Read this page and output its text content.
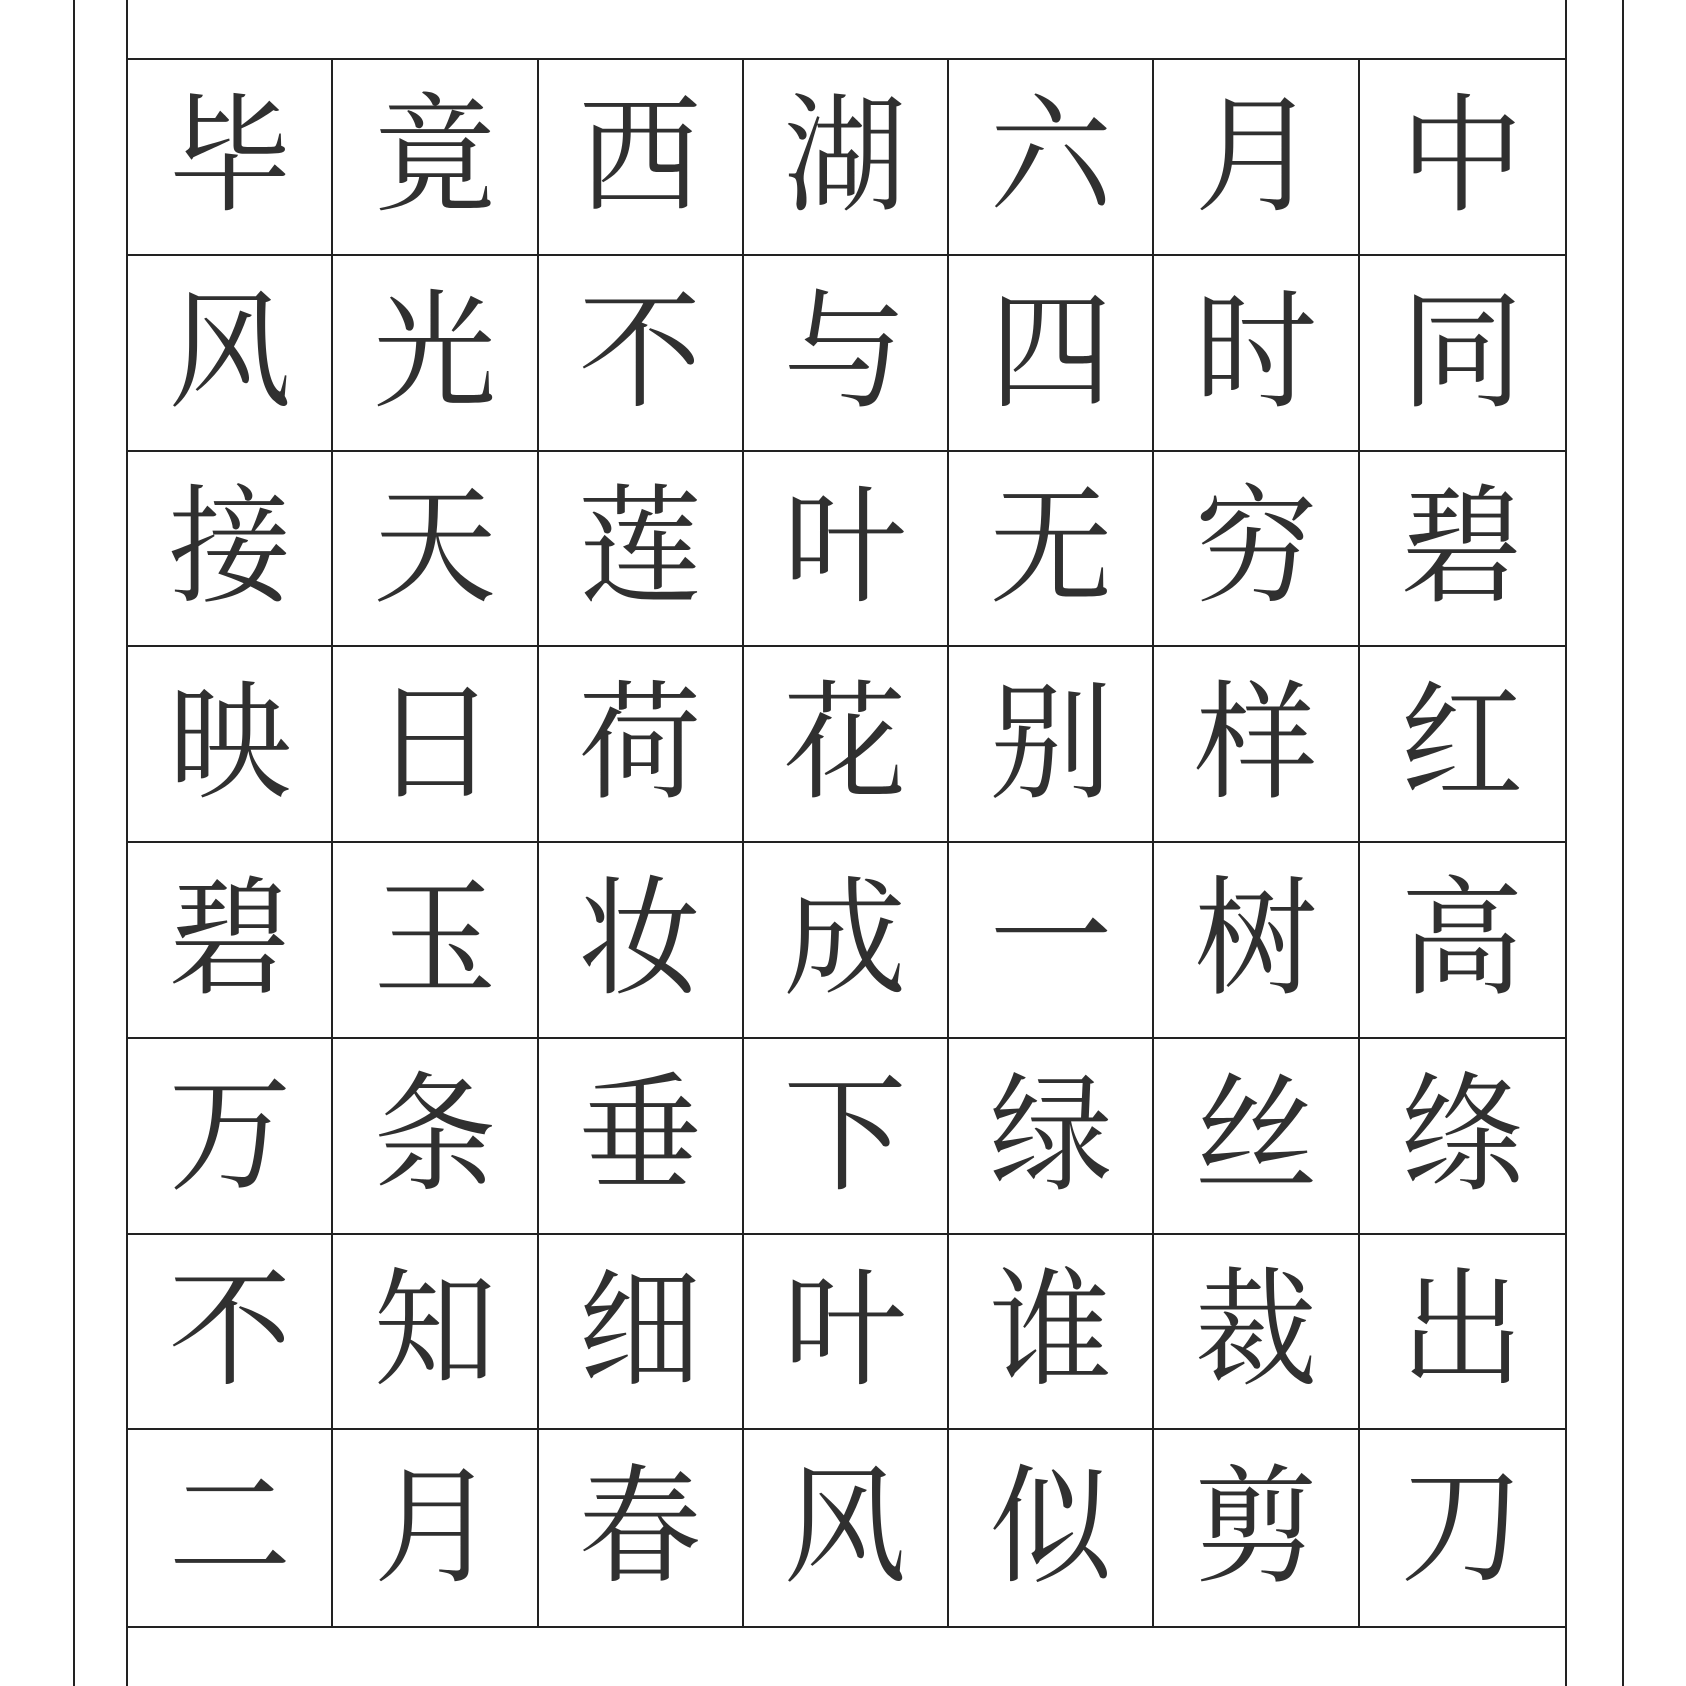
毕 竟 西 湖 六 月 中
风 光 不 与 四 时 同
接 天 莲 叶 无 穷 碧
映 日 荷 花 别 样 红
碧 玉 妆 成 一 树 高
万 条 垂 下 绿 丝 绦
不 知 细 叶 谁 裁 出
二 月 春 风 似 剪 刀
